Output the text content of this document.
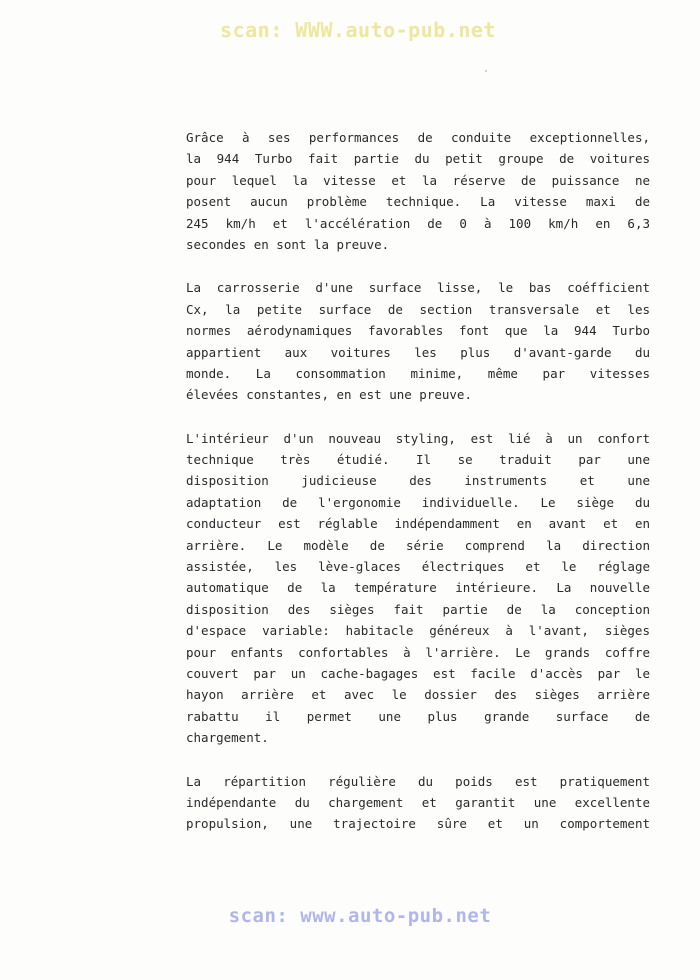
scan: WWW.auto-pub.net
Grâce à ses performances de conduite exceptionnelles,
la 944 Turbo fait partie du petit groupe de voitures
pour lequel la vitesse et la réserve de puissance ne
posent aucun problème technique. La vitesse maxi de
245 km/h et l'accélération de 0 à 100 km/h en 6,3
secondes en sont la preuve.
La carrosserie d'une surface lisse, le bas coéfficient
Cx, la petite surface de section transversale et les
normes aérodynamiques favorables font que la 944 Turbo
appartient aux voitures les plus d'avant-garde du
monde. La consommation minime, même par vitesses
élevées constantes, en est une preuve.
L'intérieur d'un nouveau styling, est lié à un confort
technique très étudié. Il se traduit par une
disposition judicieuse des instruments et une
adaptation de l'ergonomie individuelle. Le siège du
conducteur est réglable indépendamment en avant et en
arrière. Le modèle de série comprend la direction
assistée, les lève-glaces électriques et le réglage
automatique de la température intérieure. La nouvelle
disposition des sièges fait partie de la conception
d'espace variable: habitacle généreux à l'avant, sièges
pour enfants confortables à l'arrière. Le grands coffre
couvert par un cache-bagages est facile d'accès par le
hayon arrière et avec le dossier des sièges arrière
rabattu il permet une plus grande surface de
chargement.
La répartition régulière du poids est pratiquement
indépendante du chargement et garantit une excellente
propulsion, une trajectoire sûre et un comportement
scan: www.auto-pub.net
